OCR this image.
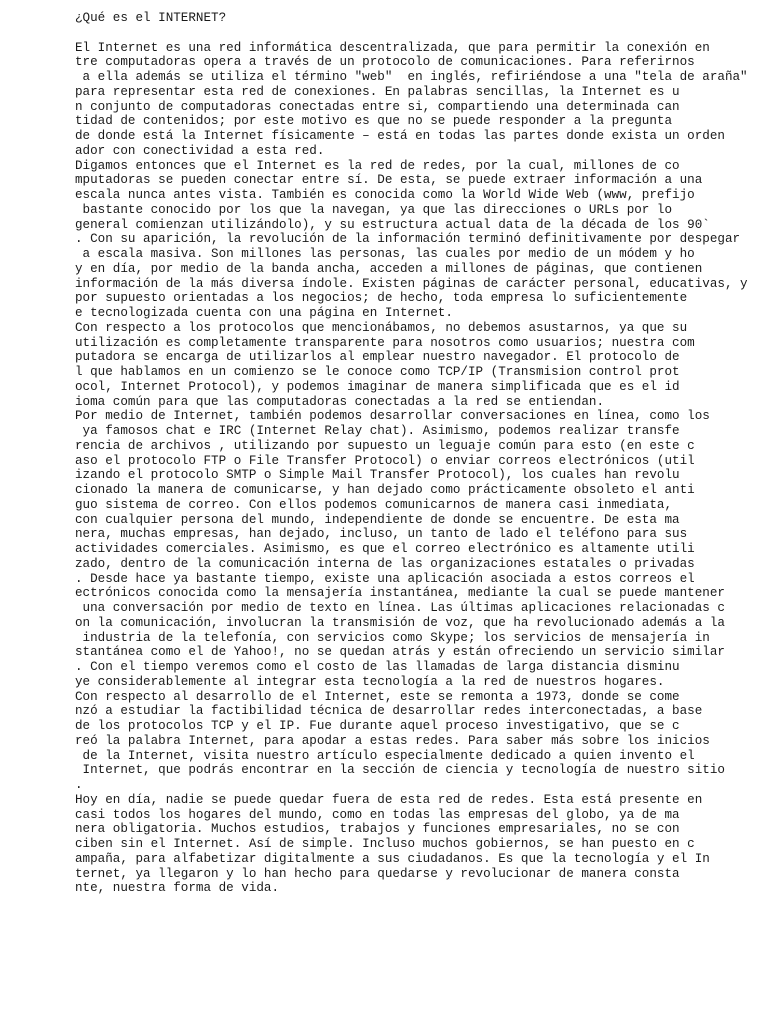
¿Qué es el INTERNET?
El Internet es una red informática descentralizada, que para permitir la conexión en
tre computadoras opera a través de un protocolo de comunicaciones. Para referirnos
a ella además se utiliza el término "web"  en inglés, refiriéndose a una "tela de araña"
para representar esta red de conexiones. En palabras sencillas, la Internet es u
n conjunto de computadoras conectadas entre si, compartiendo una determinada can
tidad de contenidos; por este motivo es que no se puede responder a la pregunta
de donde está la Internet físicamente – está en todas las partes donde exista un orden
ador con conectividad a esta red.
Digamos entonces que el Internet es la red de redes, por la cual, millones de co
mputadoras se pueden conectar entre sí. De esta, se puede extraer información a una
escala nunca antes vista. También es conocida como la World Wide Web (www, prefijo
bastante conocido por los que la navegan, ya que las direcciones o URLs por lo
general comienzan utilizándolo), y su estructura actual data de la década de los 90`
. Con su aparición, la revolución de la información terminó definitivamente por despegar
a escala masiva. Son millones las personas, las cuales por medio de un módem y ho
y en día, por medio de la banda ancha, acceden a millones de páginas, que contienen
información de la más diversa índole. Existen páginas de carácter personal, educativas, y
por supuesto orientadas a los negocios; de hecho, toda empresa lo suficientemente
e tecnologizada cuenta con una página en Internet.
Con respecto a los protocolos que mencionábamos, no debemos asustarnos, ya que su
utilización es completamente transparente para nosotros como usuarios; nuestra com
putadora se encarga de utilizarlos al emplear nuestro navegador. El protocolo de
l que hablamos en un comienzo se le conoce como TCP/IP (Transmision control prot
ocol, Internet Protocol), y podemos imaginar de manera simplificada que es el id
ioma común para que las computadoras conectadas a la red se entiendan.
Por medio de Internet, también podemos desarrollar conversaciones en línea, como los
ya famosos chat e IRC (Internet Relay chat). Asimismo, podemos realizar transfe
rencia de archivos , utilizando por supuesto un leguaje común para esto (en este c
aso el protocolo FTP o File Transfer Protocol) o enviar correos electrónicos (util
izando el protocolo SMTP o Simple Mail Transfer Protocol), los cuales han revolu
cionado la manera de comunicarse, y han dejado como prácticamente obsoleto el anti
guo sistema de correo. Con ellos podemos comunicarnos de manera casi inmediata,
con cualquier persona del mundo, independiente de donde se encuentre. De esta ma
nera, muchas empresas, han dejado, incluso, un tanto de lado el teléfono para sus
actividades comerciales. Asimismo, es que el correo electrónico es altamente utili
zado, dentro de la comunicación interna de las organizaciones estatales o privadas
. Desde hace ya bastante tiempo, existe una aplicación asociada a estos correos el
ectrónicos conocida como la mensajería instantánea, mediante la cual se puede mantener
una conversación por medio de texto en línea. Las últimas aplicaciones relacionadas c
on la comunicación, involucran la transmisión de voz, que ha revolucionado además a la
industria de la telefonía, con servicios como Skype; los servicios de mensajería in
stantánea como el de Yahoo!, no se quedan atrás y están ofreciendo un servicio similar
. Con el tiempo veremos como el costo de las llamadas de larga distancia disminu
ye considerablemente al integrar esta tecnología a la red de nuestros hogares.
Con respecto al desarrollo de el Internet, este se remonta a 1973, donde se come
nzó a estudiar la factibilidad técnica de desarrollar redes interconectadas, a base
de los protocolos TCP y el IP. Fue durante aquel proceso investigativo, que se c
reó la palabra Internet, para apodar a estas redes. Para saber más sobre los inicios
de la Internet, visita nuestro artículo especialmente dedicado a quien invento el
Internet, que podrás encontrar en la sección de ciencia y tecnología de nuestro sitio
.
Hoy en día, nadie se puede quedar fuera de esta red de redes. Esta está presente en
casi todos los hogares del mundo, como en todas las empresas del globo, ya de ma
nera obligatoria. Muchos estudios, trabajos y funciones empresariales, no se con
ciben sin el Internet. Así de simple. Incluso muchos gobiernos, se han puesto en c
ampaña, para alfabetizar digitalmente a sus ciudadanos. Es que la tecnología y el In
ternet, ya llegaron y lo han hecho para quedarse y revolucionar de manera consta
nte, nuestra forma de vida.
